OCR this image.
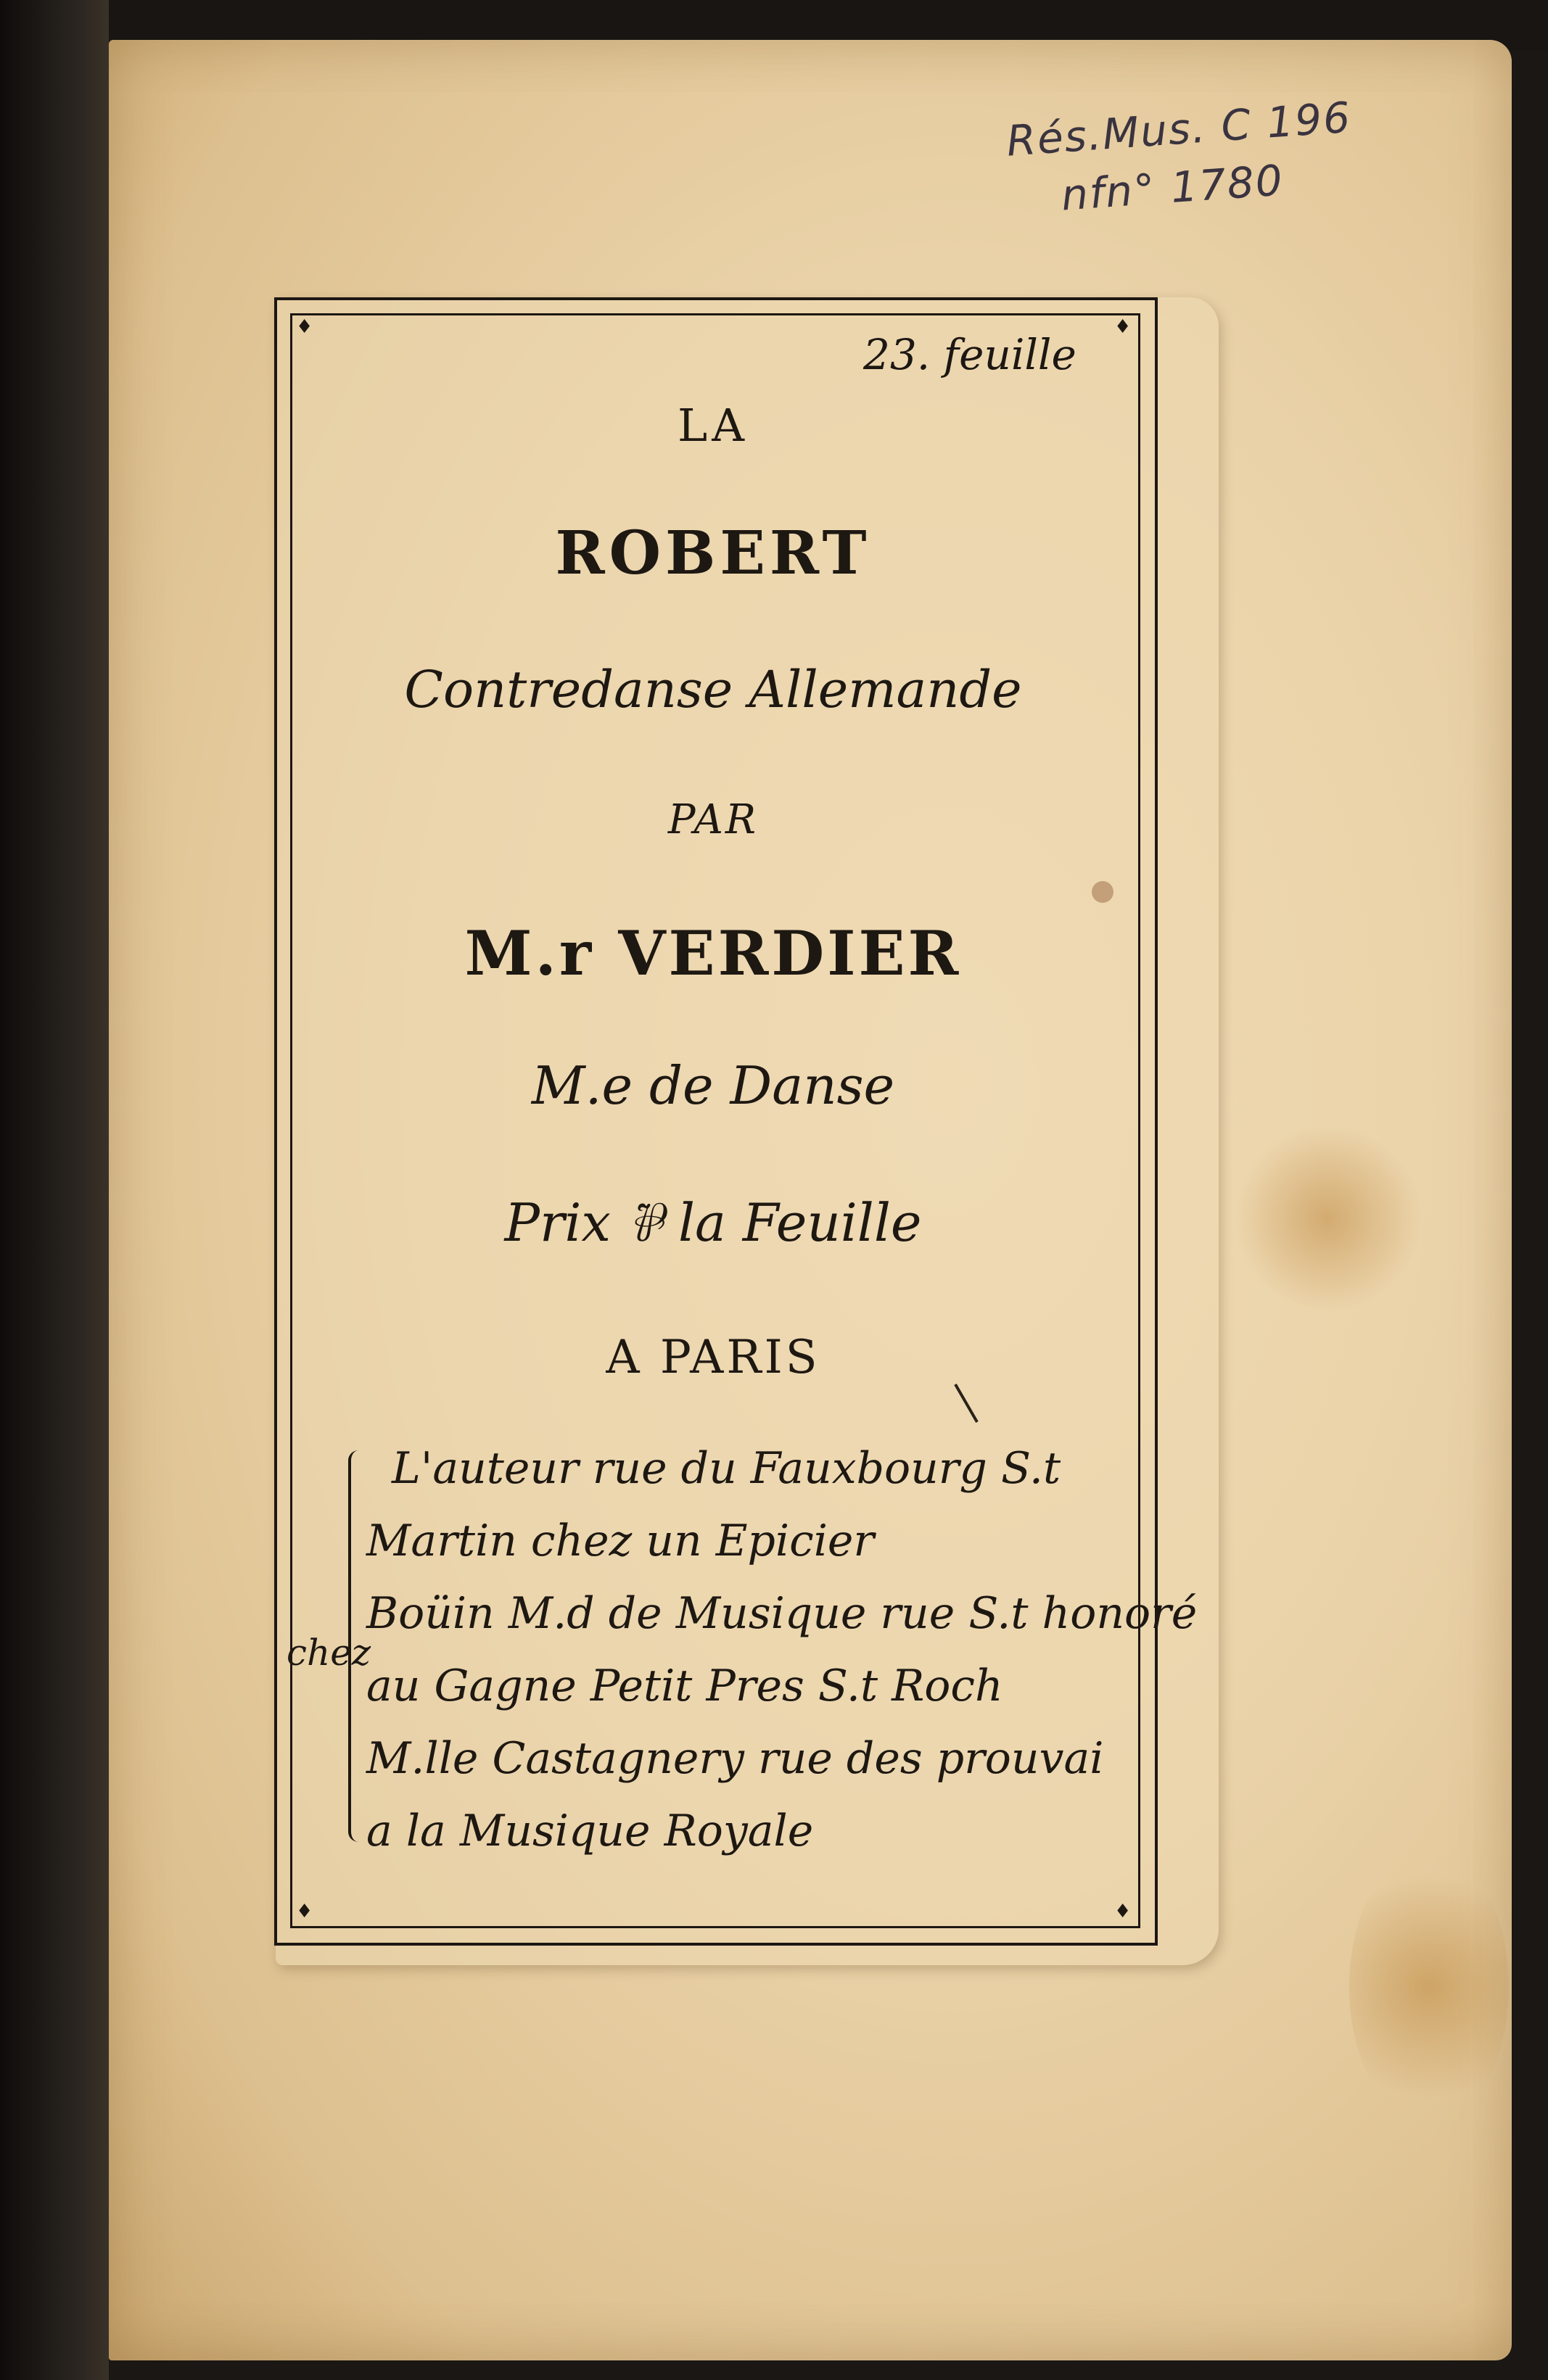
Rés.Mus. C 196
nfn° 1780
♦	♦
♦	♦
23. feuille
LA
ROBERT
Contredanse Allemande
PAR
M.r VERDIER
M.e de Danse
Prix ⅌ la Feuille
A PARIS
chez
L'auteur rue du Fauxbourg S.t
Martin chez un Epicier
Boüin M.d de Musique rue S.t honoré
au Gagne Petit Pres S.t Roch
M.lle Castagnery rue des prouvai
a la Musique Royale
